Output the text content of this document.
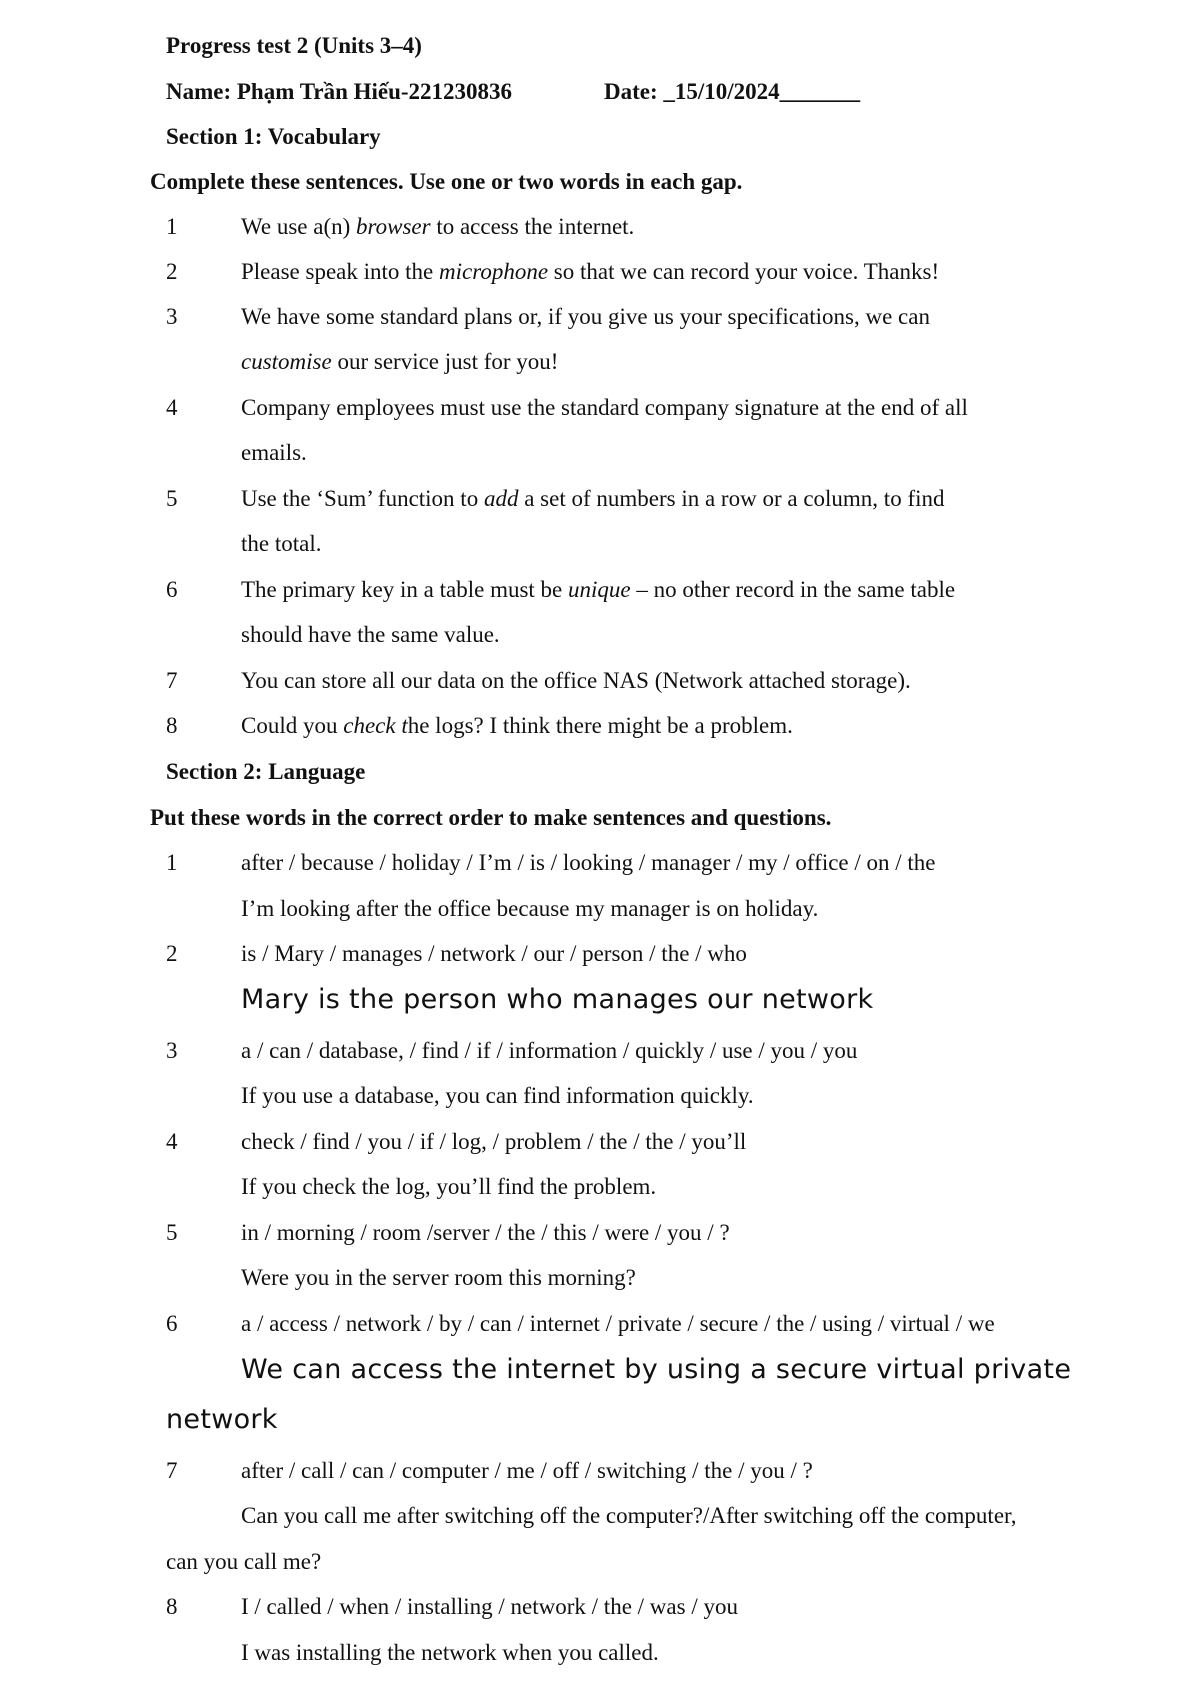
Progress test 2 (Units 3–4)
Name: Phạm Trần Hiếu-221230836	Date: _15/10/2024_______
Section 1: Vocabulary
Complete these sentences. Use one or two words in each gap.
1	We use a(n) browser to access the internet.
2	Please speak into the microphone so that we can record your voice. Thanks!
3	We have some standard plans or, if you give us your specifications, we can
customise our service just for you!
4	Company employees must use the standard company signature at the end of all
emails.
5	Use the ‘Sum’ function to add a set of numbers in a row or a column, to find
the total.
6	The primary key in a table must be unique – no other record in the same table
should have the same value.
7	You can store all our data on the office NAS (Network attached storage).
8	Could you check the logs? I think there might be a problem.
Section 2: Language
Put these words in the correct order to make sentences and questions.
1	after / because / holiday / I’m / is / looking / manager / my / office / on / the
I’m looking after the office because my manager is on holiday.
2	is / Mary / manages / network / our / person / the / who
Mary is the person who manages our network
3	a / can / database, / find / if / information / quickly / use / you / you
If you use a database, you can find information quickly.
4	check / find / you / if / log, / problem / the / the / you’ll
If you check the log, you’ll find the problem.
5	in / morning / room /server / the / this / were / you / ?
Were you in the server room this morning?
6	a / access / network / by / can / internet / private / secure / the / using / virtual / we
We can access the internet by using a secure virtual private
network
7	after / call / can / computer / me / off / switching / the / you / ?
Can you call me after switching off the computer?/After switching off the computer,
can you call me?
8	I / called / when / installing / network / the / was / you
I was installing the network when you called.
